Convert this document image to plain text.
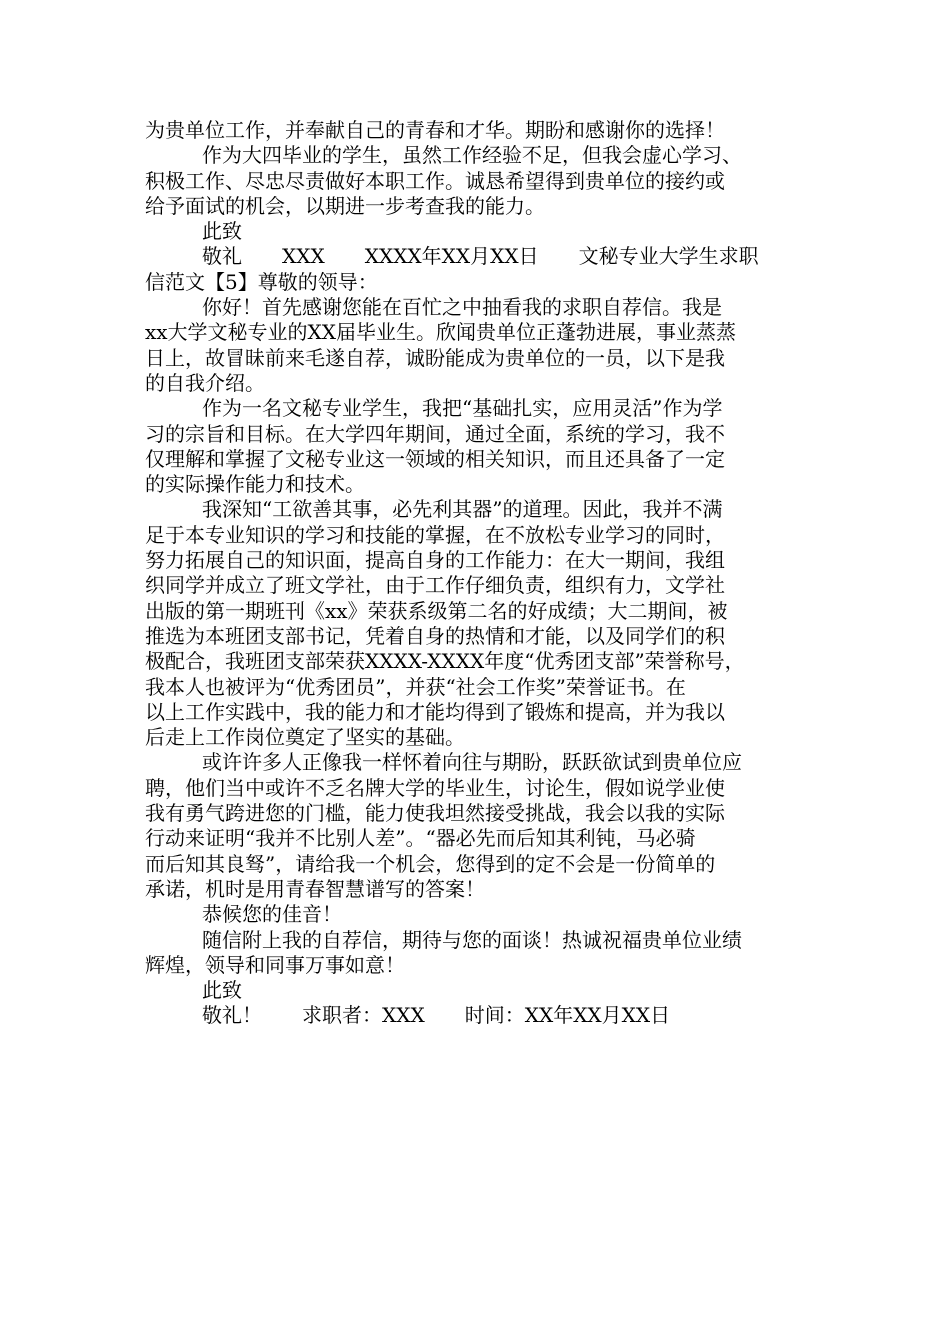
为贵单位工作，并奉献自己的青春和才华。期盼和感谢你的选择！
作为大四毕业的学生，虽然工作经验不足，但我会虚心学习、
积极工作、尽忠尽责做好本职工作。诚恳希望得到贵单位的接约或
给予面试的机会，以期进一步考查我的能力。
此致
敬礼　　XXX　　XXXX年XX月XX日　　文秘专业大学生求职
信范文【5】尊敬的领导：
你好！首先感谢您能在百忙之中抽看我的求职自荐信。我是
xx大学文秘专业的XX届毕业生。欣闻贵单位正蓬勃进展，事业蒸蒸
日上，故冒昧前来毛遂自荐，诚盼能成为贵单位的一员，以下是我
的自我介绍。
作为一名文秘专业学生，我把“基础扎实，应用灵活”作为学
习的宗旨和目标。在大学四年期间，通过全面，系统的学习，我不
仅理解和掌握了文秘专业这一领域的相关知识，而且还具备了一定
的实际操作能力和技术。
我深知“工欲善其事，必先利其器”的道理。因此，我并不满
足于本专业知识的学习和技能的掌握，在不放松专业学习的同时，
努力拓展自己的知识面，提高自身的工作能力：在大一期间，我组
织同学并成立了班文学社，由于工作仔细负责，组织有力，文学社
出版的第一期班刊《xx》荣获系级第二名的好成绩；大二期间，被
推选为本班团支部书记，凭着自身的热情和才能，以及同学们的积
极配合，我班团支部荣获XXXX-XXXX年度“优秀团支部”荣誉称号，
我本人也被评为“优秀团员”，并获“社会工作奖”荣誉证书。在
以上工作实践中，我的能力和才能均得到了锻炼和提高，并为我以
后走上工作岗位奠定了坚实的基础。
或许许多人正像我一样怀着向往与期盼，跃跃欲试到贵单位应
聘，他们当中或许不乏名牌大学的毕业生，讨论生，假如说学业使
我有勇气跨进您的门槛，能力使我坦然接受挑战，我会以我的实际
行动来证明“我并不比别人差”。“器必先而后知其利钝，马必骑
而后知其良驽”，请给我一个机会，您得到的定不会是一份简单的
承诺，机时是用青春智慧谱写的答案！
恭候您的佳音！
随信附上我的自荐信，期待与您的面谈！热诚祝福贵单位业绩
辉煌，领导和同事万事如意！
此致
敬礼！　　求职者：XXX　　时间：XX年XX月XX日
